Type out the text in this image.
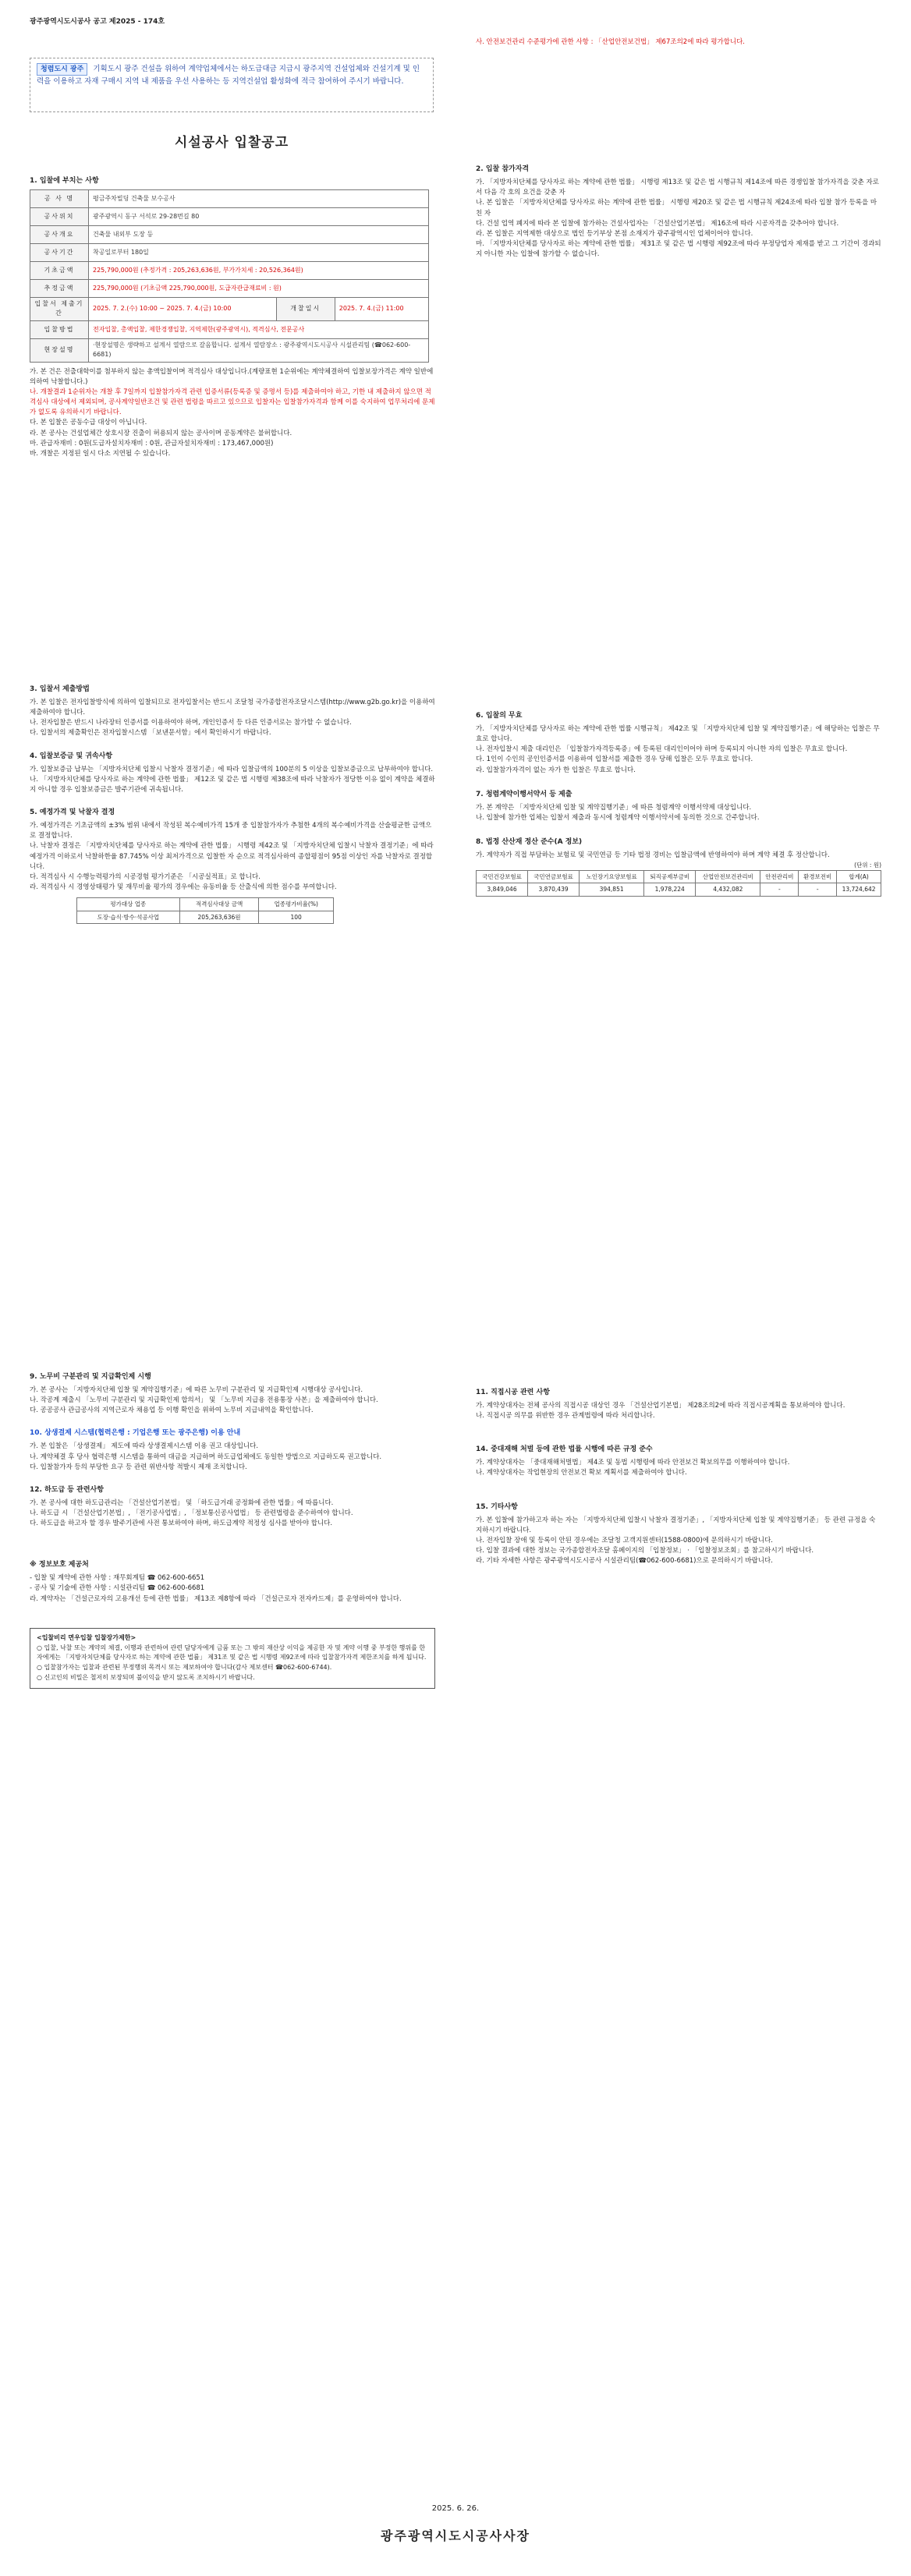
광주광역시도시공사 공고 제2025 - 174호
청렴도시 광주 기획도시 광주 건설을 위하여 계약업체에서는 하도급대금 지급시 광주지역 건설업체와 건설기계 및 인력을 이용하고 자재 구매시 지역 내 제품을 우선 사용하는 등 지역건설업 활성화에 적극 참여하여 주시기 바랍니다.
시설공사 입찰공고
1. 입찰에 부치는 사항
공 사 명	평금주차빌딩 건축물 보수공사		
공사위치	광주광역시 동구 서석로 29-28번길 80		
공사개요	건축물 내외부 도장 등		
공사기간	착공일로부터 180일		
기초금액	225,790,000원 (추정가격 : 205,263,636원, 부가가치세 : 20,526,364원)		
추정금액	225,790,000원 (기초금액 225,790,000원, 도급자관급재료비 : 원)		
입찰서 제출기간	2025. 7. 2.(수) 10:00 ~ 2025. 7. 4.(금) 10:00	개찰일시	2025. 7. 4.(금) 11:00
입찰방법	전자입찰, 총액입찰, 제한경쟁입찰, 지역제한(광주광역시), 적격심사, 전문공사		
현장설명	·현장설명은 생략하고 설계서 열람으로 갈음합니다. 설계서 열람장소 : 광주광역시도시공사 시설관리팀 (☎062-600-6681)		

가. 본 건은 전출대학이를 첨부하지 않는 총액입찰이며 적격심사 대상입니다.(계량표현 1순위에는 계약체결하여 입찰보장가격은 계약 일반에 의하여 낙찰합니다.)

나. 개찰결과 1순위자는 개찰 후 7일까지 입찰참가자격 관련 입증서류(등록증 및 증명서 등)를 제출하여야 하고, 기한 내 제출하지 않으면 적격심사 대상에서 제외되며, 공사계약일반조건 및 관련 법령을 따르고 있으므로 입찰자는 입찰참가자격과 함께 이를 숙지하여 업무처리에 문제가 없도록 유의하시기 바랍니다.

다. 본 입찰은 공동수급 대상이 아닙니다.

라. 본 공사는 건설업체간 상호시장 진출이 허용되지 않는 공사이며 공동계약은 불허합니다.

마. 관급자재비 : 0원(도급자설치자재비 : 0원, 관급자설치자재비 : 173,467,000원)

바. 개찰은 지정된 일시 다소 지연될 수 있습니다.

사. 안전보건관리 수준평가에 관한 사항 : 「산업안전보건법」 제67조의2에 따라 평가합니다.

2. 입찰 참가자격

가. 「지방자치단체를 당사자로 하는 계약에 관한 법률」 시행령 제13조 및 같은 법 시행규칙 제14조에 따른 경쟁입찰 참가자격을 갖춘 자로서 다음 각 호의 요건을 갖춘 자

나. 본 입찰은 「지방자치단체를 당사자로 하는 계약에 관한 법률」 시행령 제20조 및 같은 법 시행규칙 제24조에 따라 입찰 참가 등록을 마친 자

다. 건설 업역 폐지에 따라 본 입찰에 참가하는 건설사업자는 「건설산업기본법」 제16조에 따라 시공자격을 갖추어야 합니다.

라. 본 입찰은 지역제한 대상으로 법인 등기부상 본점 소재지가 광주광역시인 업체이어야 합니다.

마. 「지방자치단체를 당사자로 하는 계약에 관한 법률」 제31조 및 같은 법 시행령 제92조에 따라 부정당업자 제재를 받고 그 기간이 경과되지 아니한 자는 입찰에 참가할 수 없습니다.

3. 입찰서 제출방법

가. 본 입찰은 전자입찰방식에 의하여 입찰되므로 전자입찰서는 반드시 조달청 국가종합전자조달시스템(http://www.g2b.go.kr)을 이용하여 제출하여야 합니다.

나. 전자입찰은 반드시 나라장터 인증서를 이용하여야 하며, 개인인증서 등 다른 인증서로는 참가할 수 없습니다.

다. 입찰서의 제출확인은 전자입찰시스템 「보낸문서함」에서 확인하시기 바랍니다.

4. 입찰보증금 및 귀속사항

가. 입찰보증금 납부는 「지방자치단체 입찰시 낙찰자 결정기준」에 따라 입찰금액의 100분의 5 이상을 입찰보증금으로 납부하여야 합니다.

나. 「지방자치단체를 당사자로 하는 계약에 관한 법률」 제12조 및 같은 법 시행령 제38조에 따라 낙찰자가 정당한 이유 없이 계약을 체결하지 아니할 경우 입찰보증금은 발주기관에 귀속됩니다.

5. 예정가격 및 낙찰자 결정

가. 예정가격은 기초금액의 ±3% 범위 내에서 작성된 복수예비가격 15개 중 입찰참가자가 추첨한 4개의 복수예비가격을 산술평균한 금액으로 결정합니다.

나. 낙찰자 결정은 「지방자치단체를 당사자로 하는 계약에 관한 법률」 시행령 제42조 및 「지방자치단체 입찰시 낙찰자 결정기준」에 따라 예정가격 이하로서 낙찰하한율 87.745% 이상 최저가격으로 입찰한 자 순으로 적격심사하여 종합평점이 95점 이상인 자를 낙찰자로 결정합니다.

다. 적격심사 시 수행능력평가의 시공경험 평가기준은 「시공실적표」로 합니다.

라. 적격심사 시 경영상태평가 및 재무비율 평가의 경우에는 유동비율 등 산출식에 의한 점수를 부여합니다.

평가대상 업종	적격심사대상 금액	업종평가비율(%)
도장·습식·방수·석공사업	205,263,636원	100
6. 입찰의 무효

가. 「지방자치단체를 당사자로 하는 계약에 관한 법률 시행규칙」 제42조 및 「지방자치단체 입찰 및 계약집행기준」에 해당하는 입찰은 무효로 합니다.

나. 전자입찰시 제출 대리인은 「입찰참가자격등록증」에 등록된 대리인이어야 하며 등록되지 아니한 자의 입찰은 무효로 합니다.

다. 1인이 수인의 공인인증서를 이용하여 입찰서를 제출한 경우 당해 입찰은 모두 무효로 합니다.

라. 입찰참가자격이 없는 자가 한 입찰은 무효로 합니다.

7. 청렴계약이행서약서 등 제출

가. 본 계약은 「지방자치단체 입찰 및 계약집행기준」에 따른 청렴계약 이행서약제 대상입니다.

나. 입찰에 참가한 업체는 입찰서 제출과 동시에 청렴계약 이행서약서에 동의한 것으로 간주합니다.

8. 법정 산산재 정산 준수(A 정보)

가. 계약자가 직접 부담하는 보험료 및 국민연금 등 기타 법정 경비는 입찰금액에 반영하여야 하며 계약 체결 후 정산합니다.

(단위 : 원)
국민건강보험료	국민연금보험료	노인장기요양보험료	퇴직공제부금비	산업안전보건관리비	안전관리비	환경보전비	합계(A)
3,849,046	3,870,439	394,851	1,978,224	4,432,082	-	-	13,724,642
9. 노무비 구분관리 및 지급확인제 시행

가. 본 공사는 「지방자치단체 입찰 및 계약집행기준」에 따른 노무비 구분관리 및 지급확인제 시행대상 공사입니다.

나. 작공계 제출시 「노무비 구분관리 및 지급확인제 합의서」 및 「노무비 지급용 전용통장 사본」을 제출하여야 합니다.

다. 공공공사 관급공사의 지역근로자 채용업 등 이행 확인을 위하여 노무비 지급내역을 확인합니다.

10. 상생결제 시스템(협력은행 : 기업은행 또는 광주은행) 이용 안내

가. 본 입찰은 「상생결제」 제도에 따라 상생결제시스템 이용 권고 대상입니다.

나. 계약체결 후 당사 협력은행 시스템을 통하여 대금을 지급하며 하도급업체에도 동일한 방법으로 지급하도록 권고합니다.

다. 입찰참가자 등의 부당한 요구 등 관련 위반사항 적발시 제재 조치합니다.

12. 하도급 등 관련사항

가. 본 공사에 대한 하도급관리는 「건설산업기본법」 및 「하도급거래 공정화에 관한 법률」에 따릅니다.

나. 하도급 시 「건설산업기본법」, 「전기공사업법」, 「정보통신공사업법」 등 관련법령을 준수하여야 합니다.

다. 하도급을 하고자 할 경우 발주기관에 사전 통보하여야 하며, 하도급계약 적정성 심사를 받아야 합니다.

※ 정보보호 제공처

- 입찰 및 계약에 관한 사항 : 재무회계팀 ☎ 062-600-6651

- 공사 및 기술에 관한 사항 : 시설관리팀 ☎ 062-600-6681

라. 계약자는 「건설근로자의 고용개선 등에 관한 법률」 제13조 제8항에 따라 「건설근로자 전자카드제」를 운영하여야 합니다.

<입찰비리 면우입찰 입찰장가제한>

○ 입찰, 낙찰 또는 계약의 체결, 이행과 관련하여 관련 담당자에게 금품 또는 그 밖의 재산상 이익을 제공한 자 및 계약 이행 중 부정한 행위를 한 자에게는 「지방자치단체를 당사자로 하는 계약에 관한 법률」 제31조 및 같은 법 시행령 제92조에 따라 입찰참가자격 제한조치를 하게 됩니다.

○ 입찰참가자는 입찰과 관련된 부정행위 목격시 또는 제보하여야 합니다(감사 제보센터 ☎062-600-6744).

○ 신고인의 비밀은 철저히 보장되며 불이익을 받지 않도록 조치하시기 바랍니다.

11. 직접시공 관련 사항

가. 계약상대자는 전체 공사의 직접시공 대상인 경우 「건설산업기본법」 제28조의2에 따라 직접시공계획을 통보하여야 합니다.

나. 직접시공 의무를 위반한 경우 관계법령에 따라 처리합니다.

14. 중대재해 처벌 등에 관한 법률 시행에 따른 규정 준수

가. 계약상대자는 「중대재해처벌법」 제4조 및 동법 시행령에 따라 안전보건 확보의무를 이행하여야 합니다.

나. 계약상대자는 작업현장의 안전보건 확보 계획서를 제출하여야 합니다.

15. 기타사항

가. 본 입찰에 참가하고자 하는 자는 「지방자치단체 입찰시 낙찰자 결정기준」, 「지방자치단체 입찰 및 계약집행기준」 등 관련 규정을 숙지하시기 바랍니다.

나. 전자입찰 장애 및 등록이 안된 경우에는 조달청 고객지원센터(1588-0800)에 문의하시기 바랍니다.

다. 입찰 결과에 대한 정보는 국가종합전자조달 홈페이지의 「입찰정보」 · 「입찰정보조회」를 참고하시기 바랍니다.

라. 기타 자세한 사항은 광주광역시도시공사 시설관리팀(☎062-600-6681)으로 문의하시기 바랍니다.

2025. 6. 26.
광주광역시도시공사사장
